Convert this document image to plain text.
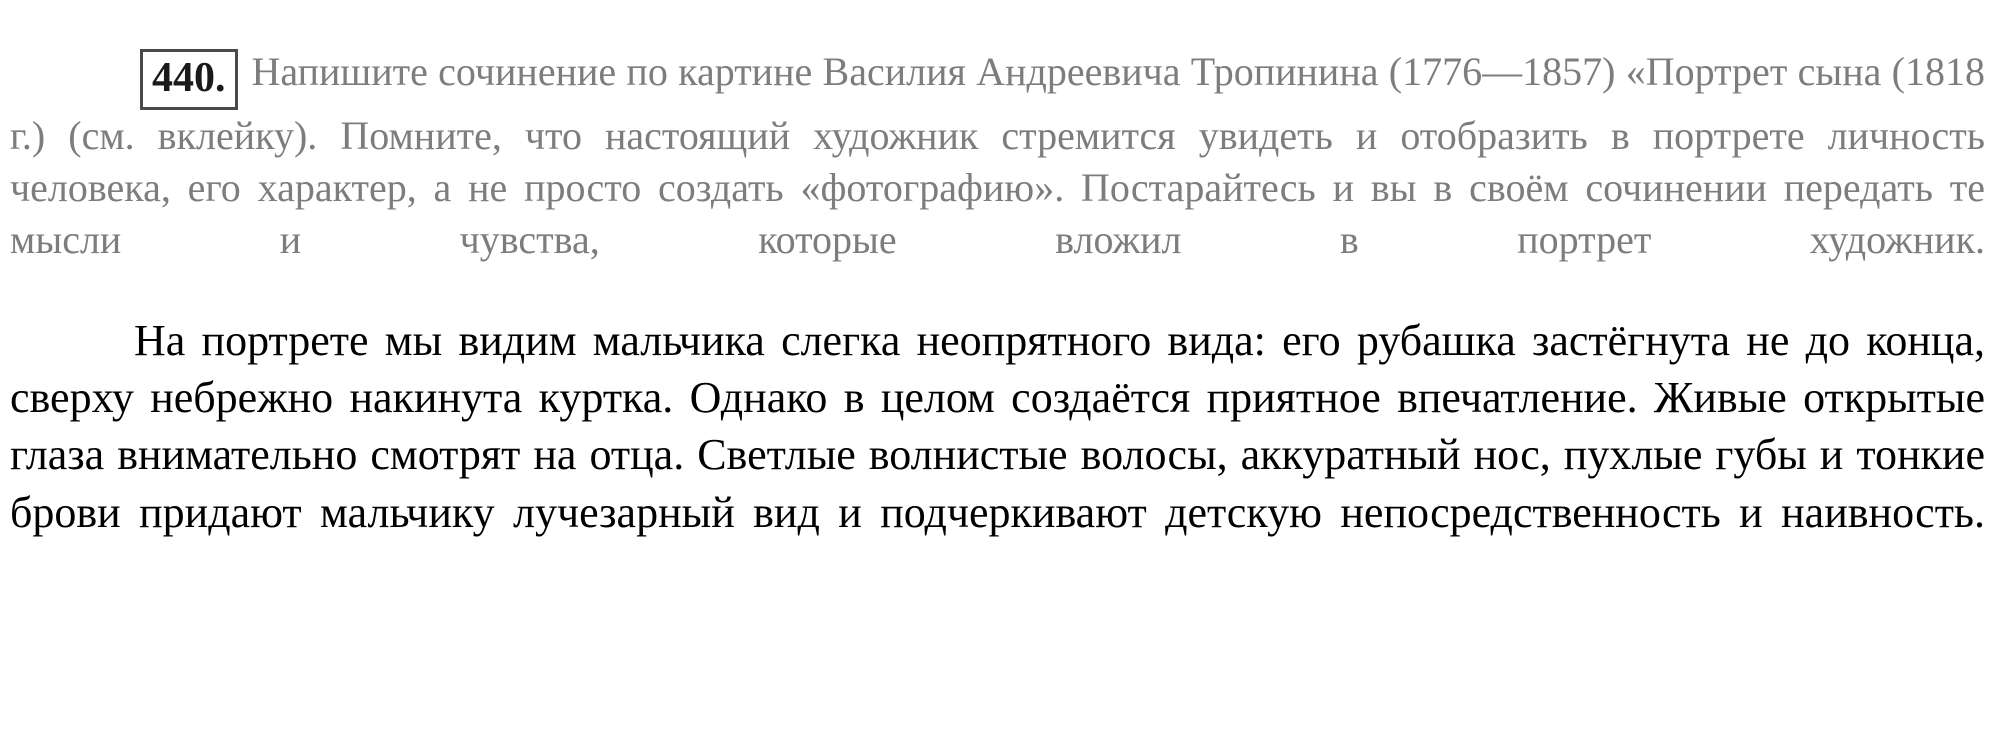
440. Напишите сочинение по картине Василия Андреевича Тропинина (1776—1857) «Портрет сына (1818 г.) (см. вклейку). Помните, что настоящий художник стремится увидеть и отобразить в портрете личность человека, его характер, а не просто создать «фотографию». Постарайтесь и вы в своём сочинении передать те мысли и чувства, которые вложил в портрет художник.

На портрете мы видим мальчика слегка неопрятного вида: его рубашка застёгнута не до конца, сверху небрежно накинута куртка. Однако в целом создаётся приятное впечатление. Живые открытые глаза внимательно смотрят на отца. Светлые волнистые волосы, аккуратный нос, пухлые губы и тонкие брови придают мальчику лучезарный вид и подчеркивают детскую непосредственность и наивность.
